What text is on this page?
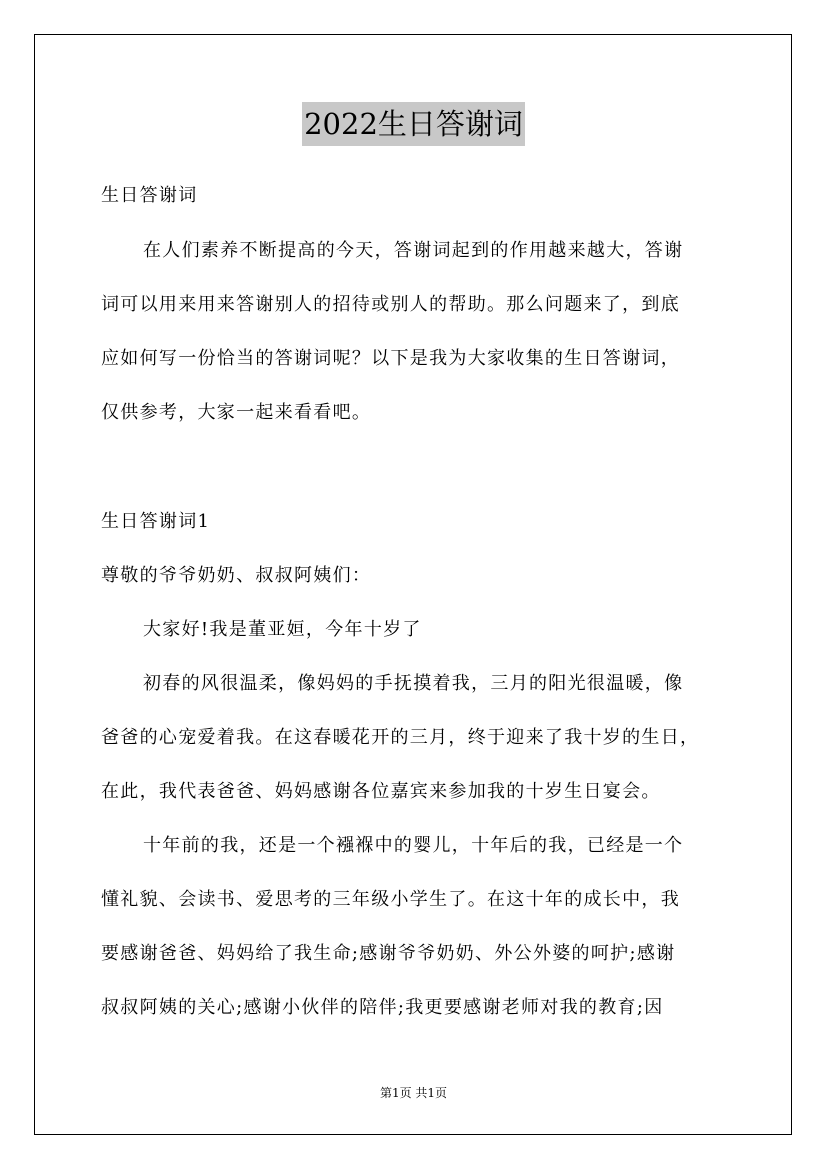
2022生日答谢词
生日答谢词
在人们素养不断提高的今天，答谢词起到的作用越来越大，答谢
词可以用来用来答谢别人的招待或别人的帮助。那么问题来了，到底
应如何写一份恰当的答谢词呢？以下是我为大家收集的生日答谢词，
仅供参考，大家一起来看看吧。
生日答谢词1
尊敬的爷爷奶奶、叔叔阿姨们：
大家好!我是董亚姮，今年十岁了
初春的风很温柔，像妈妈的手抚摸着我，三月的阳光很温暖，像
爸爸的心宠爱着我。在这春暖花开的三月，终于迎来了我十岁的生日，
在此，我代表爸爸、妈妈感谢各位嘉宾来参加我的十岁生日宴会。
十年前的我，还是一个襁褓中的婴儿，十年后的我，已经是一个
懂礼貌、会读书、爱思考的三年级小学生了。在这十年的成长中，我
要感谢爸爸、妈妈给了我生命;感谢爷爷奶奶、外公外婆的呵护;感谢
叔叔阿姨的关心;感谢小伙伴的陪伴;我更要感谢老师对我的教育;因
第1页 共1页
